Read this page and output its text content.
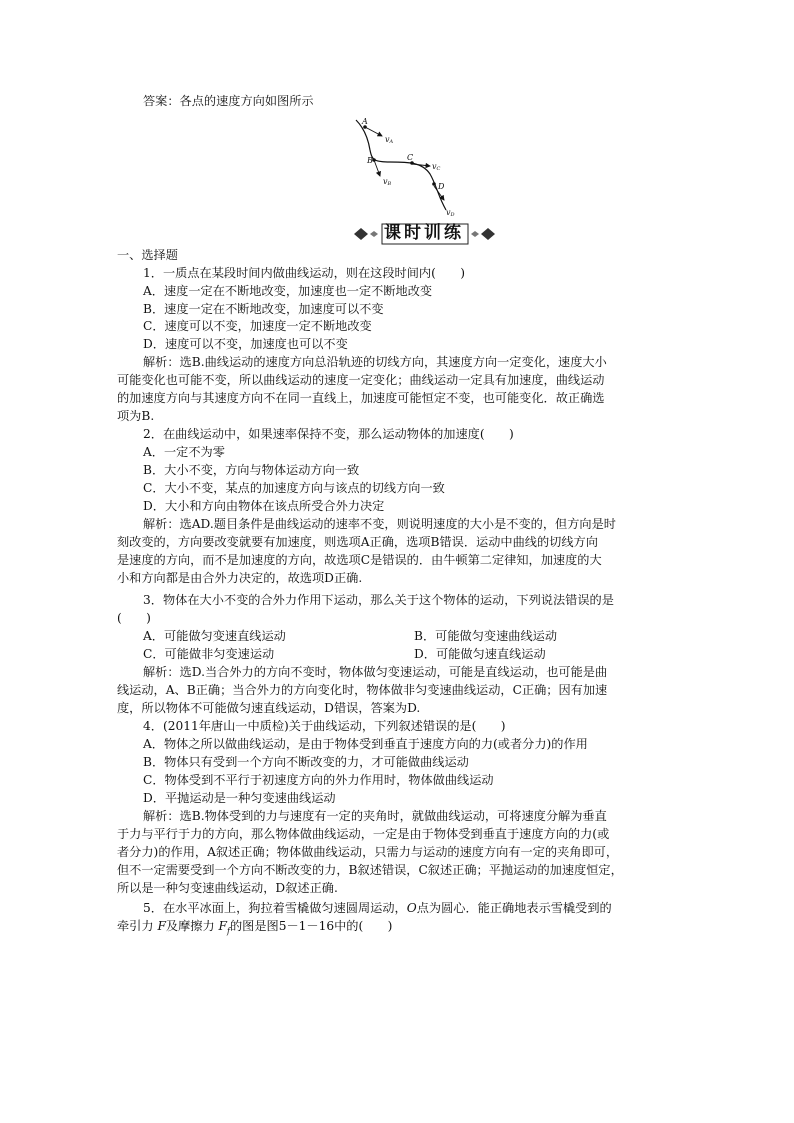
答案：各点的速度方向如图所示
A
vA
B
vB
C
vC
D
vD
课时训练
一、选择题
1．一质点在某段时间内做曲线运动，则在这段时间内(　　)
A．速度一定在不断地改变，加速度也一定不断地改变
B．速度一定在不断地改变，加速度可以不变
C．速度可以不变，加速度一定不断地改变
D．速度可以不变，加速度也可以不变
解析：选B.曲线运动的速度方向总沿轨迹的切线方向，其速度方向一定变化，速度大小
可能变化也可能不变，所以曲线运动的速度一定变化；曲线运动一定具有加速度，曲线运动
的加速度方向与其速度方向不在同一直线上，加速度可能恒定不变，也可能变化．故正确选
项为B.
2．在曲线运动中，如果速率保持不变，那么运动物体的加速度(　　)
A．一定不为零
B．大小不变，方向与物体运动方向一致
C．大小不变，某点的加速度方向与该点的切线方向一致
D．大小和方向由物体在该点所受合外力决定
解析：选AD.题目条件是曲线运动的速率不变，则说明速度的大小是不变的，但方向是时
刻改变的，方向要改变就要有加速度，则选项A正确，选项B错误．运动中曲线的切线方向
是速度的方向，而不是加速度的方向，故选项C是错误的．由牛顿第二定律知，加速度的大
小和方向都是由合外力决定的，故选项D正确.
3．物体在大小不变的合外力作用下运动，那么关于这个物体的运动，下列说法错误的是
(　　)
A．可能做匀变速直线运动	B．可能做匀变速曲线运动
C．可能做非匀变速运动	D．可能做匀速直线运动
解析：选D.当合外力的方向不变时，物体做匀变速运动，可能是直线运动，也可能是曲
线运动，A、B正确；当合外力的方向变化时，物体做非匀变速曲线运动，C正确；因有加速
度，所以物体不可能做匀速直线运动，D错误，答案为D.
4．(2011年唐山一中质检)关于曲线运动，下列叙述错误的是(　　)
A．物体之所以做曲线运动，是由于物体受到垂直于速度方向的力(或者分力)的作用
B．物体只有受到一个方向不断改变的力，才可能做曲线运动
C．物体受到不平行于初速度方向的外力作用时，物体做曲线运动
D．平抛运动是一种匀变速曲线运动
解析：选B.物体受到的力与速度有一定的夹角时，就做曲线运动，可将速度分解为垂直
于力与平行于力的方向，那么物体做曲线运动，一定是由于物体受到垂直于速度方向的力(或
者分力)的作用，A叙述正确；物体做曲线运动，只需力与运动的速度方向有一定的夹角即可，
但不一定需要受到一个方向不断改变的力，B叙述错误，C叙述正确；平抛运动的加速度恒定，
所以是一种匀变速曲线运动，D叙述正确.
5．在水平冰面上，狗拉着雪橇做匀速圆周运动，O点为圆心．能正确地表示雪橇受到的
牵引力 F及摩擦力 $F_f$的图是图5－1－16中的(　　)
